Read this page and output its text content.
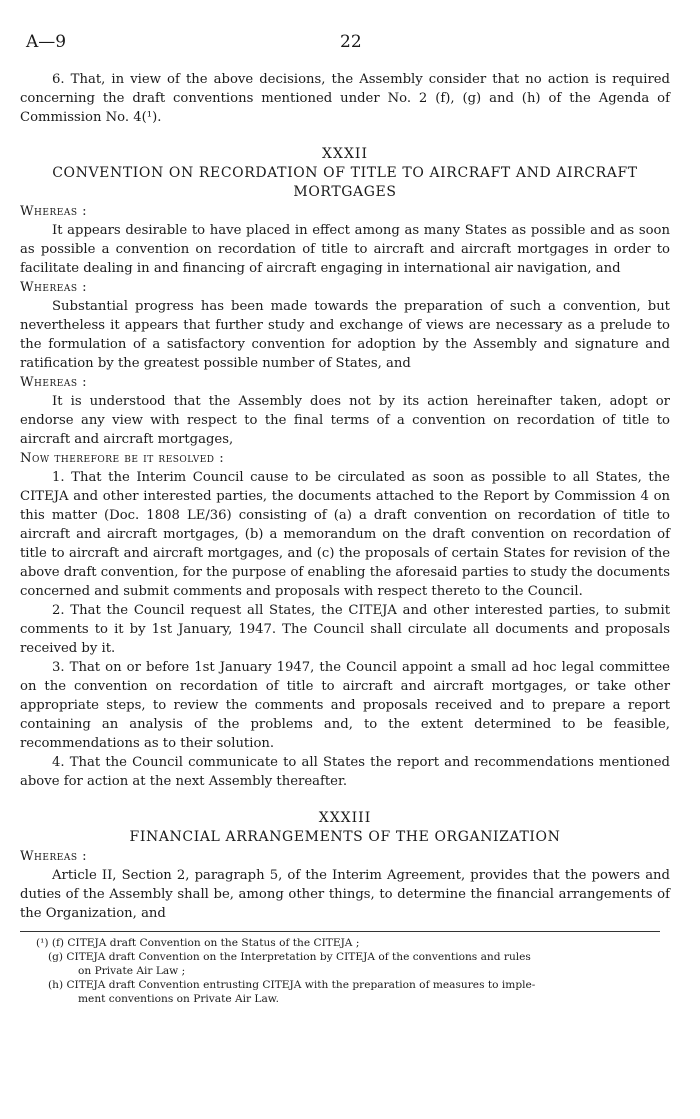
A—9	22

6. That, in view of the above decisions, the Assembly consider that no action is required concerning the draft conventions mentioned under No. 2 (f), (g) and (h) of the Agenda of Commission No. 4(¹).

XXXII

CONVENTION ON RECORDATION OF TITLE TO AIRCRAFT AND AIRCRAFT MORTGAGES

Whereas :

It appears desirable to have placed in effect among as many States as possible and as soon as possible a convention on recordation of title to aircraft and aircraft mortgages in order to facilitate dealing in and financing of aircraft engaging in international air navigation, and

Whereas :

Substantial progress has been made towards the preparation of such a convention, but nevertheless it appears that further study and exchange of views are necessary as a prelude to the formulation of a satisfactory convention for adoption by the Assembly and signature and ratification by the greatest possible number of States, and

Whereas :

It is understood that the Assembly does not by its action hereinafter taken, adopt or endorse any view with respect to the final terms of a convention on recordation of title to aircraft and aircraft mortgages,

Now therefore be it resolved :

1. That the Interim Council cause to be circulated as soon as possible to all States, the CITEJA and other interested parties, the documents attached to the Report by Commission 4 on this matter (Doc. 1808 LE/36) consisting of (a) a draft convention on recordation of title to aircraft and aircraft mortgages, (b) a memorandum on the draft convention on recordation of title to aircraft and aircraft mortgages, and (c) the proposals of certain States for revision of the above draft convention, for the purpose of enabling the aforesaid parties to study the documents concerned and submit comments and proposals with respect thereto to the Council.

2. That the Council request all States, the CITEJA and other interested parties, to submit comments to it by 1st January, 1947. The Council shall circulate all documents and proposals received by it.

3. That on or before 1st January 1947, the Council appoint a small ad hoc legal committee on the convention on recordation of title to aircraft and aircraft mortgages, or take other appropriate steps, to review the comments and proposals received and to prepare a report containing an analysis of the problems and, to the extent determined to be feasible, recommendations as to their solution.

4. That the Council communicate to all States the report and recommendations mentioned above for action at the next Assembly thereafter.

XXXIII

FINANCIAL ARRANGEMENTS OF THE ORGANIZATION

Whereas :

Article II, Section 2, paragraph 5, of the Interim Agreement, provides that the powers and duties of the Assembly shall be, among other things, to determine the financial arrangements of the Organization, and

(¹) (f) CITEJA draft Convention on the Status of the CITEJA ;

(g) CITEJA draft Convention on the Interpretation by CITEJA of the conventions and rules

on Private Air Law ;

(h) CITEJA draft Convention entrusting CITEJA with the preparation of measures to imple-

ment conventions on Private Air Law.
